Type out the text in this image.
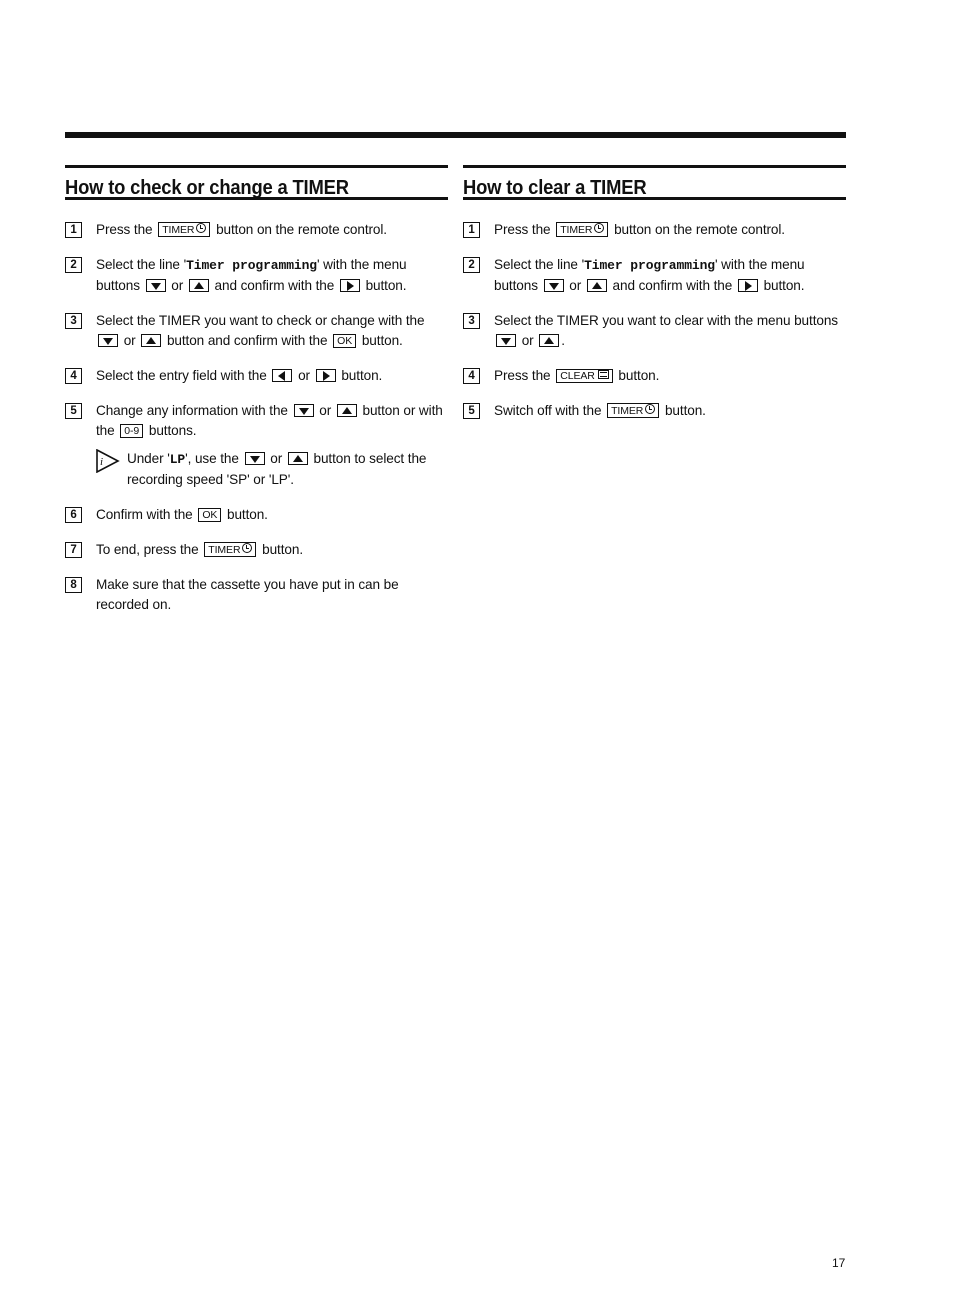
How to check or change a TIMER
1	Press the TIMER button on the remote control.
2	Select the line 'Timer programming' with the menu buttons or and confirm with the button.
3	Select the TIMER you want to check or change with the
or button and confirm with the OK button.
4	Select the entry field with the or button.
5	Change any information with the or button or with the 0-9 buttons.
i Under 'LP', use the or button to select the recording speed 'SP' or 'LP'.
6	Confirm with the OK button.
7	To end, press the TIMER button.
8	Make sure that the cassette you have put in can be recorded on.
How to clear a TIMER
1	Press the TIMER button on the remote control.
2	Select the line 'Timer programming' with the menu buttons or and confirm with the button.
3	Select the TIMER you want to clear with the menu buttons
or .
4	Press the CLEAR button.
5	Switch off with the TIMER button.
17
